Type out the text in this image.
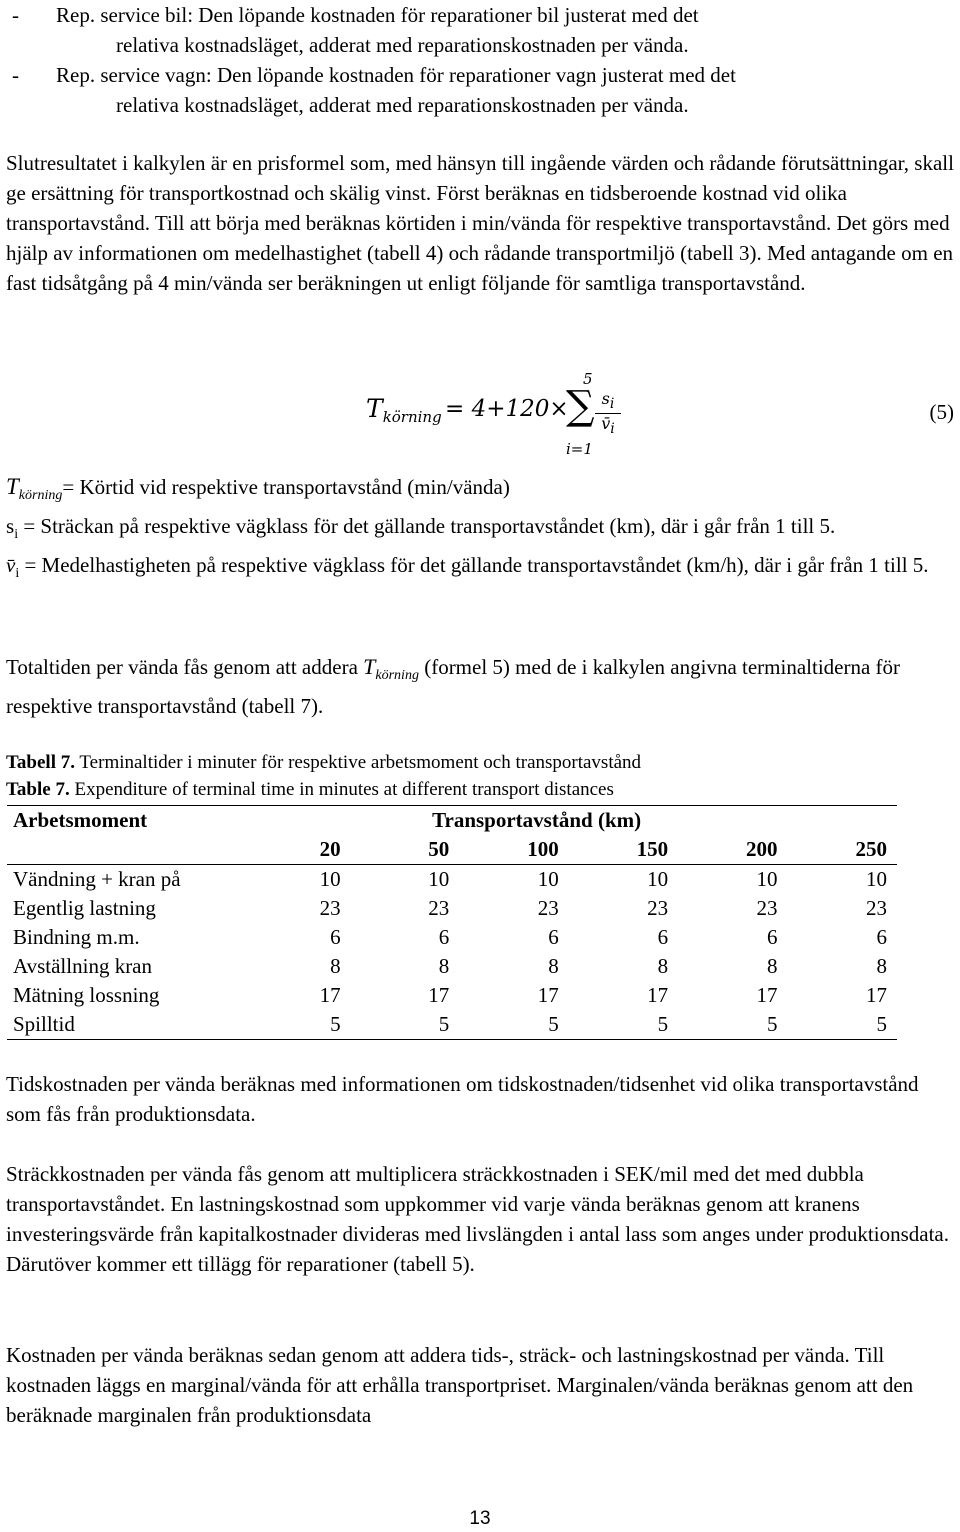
- Rep. service bil: Den löpande kostnaden för reparationer bil justerat med det
relativa kostnadsläget, adderat med reparationskostnaden per vända.
- Rep. service vagn: Den löpande kostnaden för reparationer vagn justerat med det
relativa kostnadsläget, adderat med reparationskostnaden per vända.

Slutresultatet i kalkylen är en prisformel som, med hänsyn till ingående värden och rådande förutsättningar, skall ge ersättning för transportkostnad och skälig vinst. Först beräknas en tidsberoende kostnad vid olika transportavstånd. Till att börja med beräknas körtiden i min/vända för respektive transportavstånd. Det görs med hjälp av informationen om medelhastighet (tabell 4) och rådande transportmiljö (tabell 3). Med antagande om en fast tidsåtgång på 4 min/vända ser beräkningen ut enligt följande för samtliga transportavstånd.

$T_{körning} = 4+120\times$
∑
5
i=1
$\frac{s_i}{v̄_i}$	(5)
$T_{körning}=$ Körtid vid respektive transportavstånd (min/vända)
$s_i$ = Sträckan på respektive vägklass för det gällande transportavståndet (km), där i går från 1 till 5.
$v̄_i$ = Medelhastigheten på respektive vägklass för det gällande transportavståndet (km/h), där i går från 1 till 5.

Totaltiden per vända fås genom att addera $T_{körning}$ (formel 5) med de i kalkylen angivna terminaltiderna för respektive transportavstånd (tabell 7).

Tabell 7. Terminaltider i minuter för respektive arbetsmoment och transportavstånd
Table 7. Expenditure of terminal time in minutes at different transport distances
Arbetsmoment	Transportavstånd (km)					
	20	50	100	150	200	250
Vändning + kran på	10	10	10	10	10	10
Egentlig lastning	23	23	23	23	23	23
Bindning m.m.	6	6	6	6	6	6
Avställning kran	8	8	8	8	8	8
Mätning lossning	17	17	17	17	17	17
Spilltid	5	5	5	5	5	5

Tidskostnaden per vända beräknas med informationen om tidskostnaden/tidsenhet vid olika transportavstånd som fås från produktionsdata.

Sträckkostnaden per vända fås genom att multiplicera sträckkostnaden i SEK/mil med det med dubbla transportavståndet. En lastningskostnad som uppkommer vid varje vända beräknas genom att kranens investeringsvärde från kapitalkostnader divideras med livslängden i antal lass som anges under produktionsdata. Därutöver kommer ett tillägg för reparationer (tabell 5).

Kostnaden per vända beräknas sedan genom att addera tids-, sträck- och lastningskostnad per vända. Till kostnaden läggs en marginal/vända för att erhålla transportpriset. Marginalen/vända beräknas genom att den beräknade marginalen från produktionsdata

13
